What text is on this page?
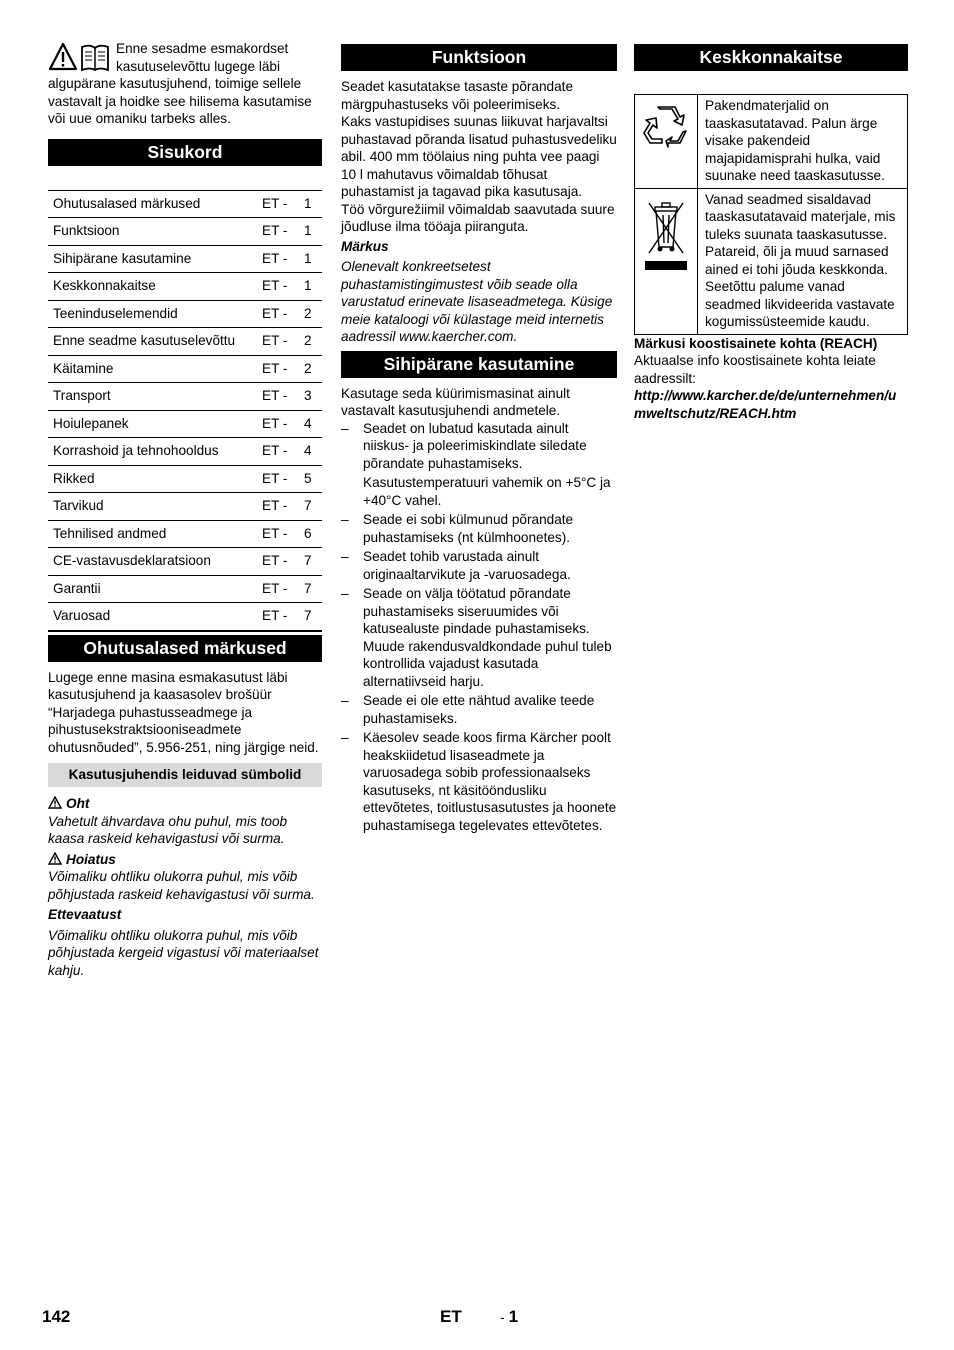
Enne sesadme esmakordset kasutuselevõttu lugege läbi algupärane kasutusjuhend, toimige sellele vastavalt ja hoidke see hilisema kasutamise või uue omaniku tarbeks alles.

Sisukord
Ohutusalased märkused	ET -	1
Funktsioon	ET -	1
Sihipärane kasutamine	ET -	1
Keskkonnakaitse	ET -	1
Teeninduselemendid	ET -	2
Enne seadme kasutuselevõttu	ET -	2
Käitamine	ET -	2
Transport	ET -	3
Hoiulepanek	ET -	4
Korrashoid ja tehnohooldus	ET -	4
Rikked	ET -	5
Tarvikud	ET -	7
Tehnilised andmed	ET -	6
CE-vastavusdeklaratsioon	ET -	7
Garantii	ET -	7
Varuosad	ET -	7
Ohutusalased märkused

Lugege enne masina esmakasutust läbi kasutusjuhend ja kaasasolev brošüür “Harjadega puhastusseadmege ja pihustusekstraktsiooniseadmete ohutusnõuded”, 5.956-251, ning järgige neid.

Kasutusjuhendis leiduvad sümbolid

Oht

Vahetult ähvardava ohu puhul, mis toob kaasa raskeid kehavigastusi või surma.

Hoiatus

Võimaliku ohtliku olukorra puhul, mis võib põhjustada raskeid kehavigastusi või surma.

Ettevaatust

Võimaliku ohtliku olukorra puhul, mis võib põhjustada kergeid vigastusi või materiaalset kahju.

Funktsioon

Seadet kasutatakse tasaste põrandate märgpuhastuseks või poleerimiseks.

Kaks vastupidises suunas liikuvat harjavaltsi puhastavad põranda lisatud puhastusvedeliku abil. 400 mm töölaius ning puhta vee paagi 10 l mahutavus võimaldab tõhusat puhastamist ja tagavad pika kasutusaja.

Töö võrgurežiimil võimaldab saavutada suure jõudluse ilma tööaja piiranguta.

Märkus

Olenevalt konkreetsetest puhastamistingimustest võib seade olla varustatud erinevate lisaseadmetega. Küsige meie kataloogi või külastage meid internetis aadressil www.kaercher.com.

Sihipärane kasutamine

Kasutage seda küürimismasinat ainult vastavalt kasutusjuhendi andmetele.

– Seadet on lubatud kasutada ainult niiskus- ja poleerimiskindlate siledate põrandate puhastamiseks.
Kasutustemperatuuri vahemik on +5°C ja +40°C vahel.
– Seade ei sobi külmunud põrandate puhastamiseks (nt külmhoonetes).
– Seadet tohib varustada ainult originaaltarvikute ja -varuosadega.
– Seade on välja töötatud põrandate puhastamiseks siseruumides või katusealuste pindade puhastamiseks. Muude rakendusvaldkondade puhul tuleb kontrollida vajadust kasutada alternatiivseid harju.
– Seade ei ole ette nähtud avalike teede puhastamiseks.
– Käesolev seade koos firma Kärcher poolt heakskiidetud lisaseadmete ja varuosadega sobib professionaalseks kasutuseks, nt käsitööndusliku ettevõtetes, toitlustusasutustes ja hoonete puhastamisega tegelevates ettevõtetes.
Keskkonnakaitse
	Pakendmaterjalid on taaskasutatavad. Palun ärge visake pakendeid majapidamisprahi hulka, vaid suunake need taaskasutusse.
	Vanad seadmed sisaldavad taaskasutatavaid materjale, mis tuleks suunata taaskasutusse. Patareid, õli ja muud sarnased ained ei tohi jõuda keskkonda. Seetõttu palume vanad seadmed likvideerida vastavate kogumissüsteemide kaudu.

Märkusi koostisainete kohta (REACH)

Aktuaalse info koostisainete kohta leiate aadressilt:

http://www.karcher.de/de/unternehmen/umweltschutz/REACH.htm

142	ET	- 1
